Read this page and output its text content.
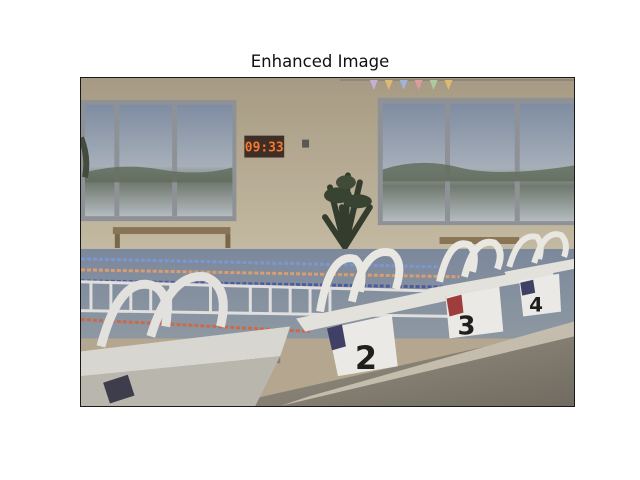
Enhanced Image
09:33
2
3
4
